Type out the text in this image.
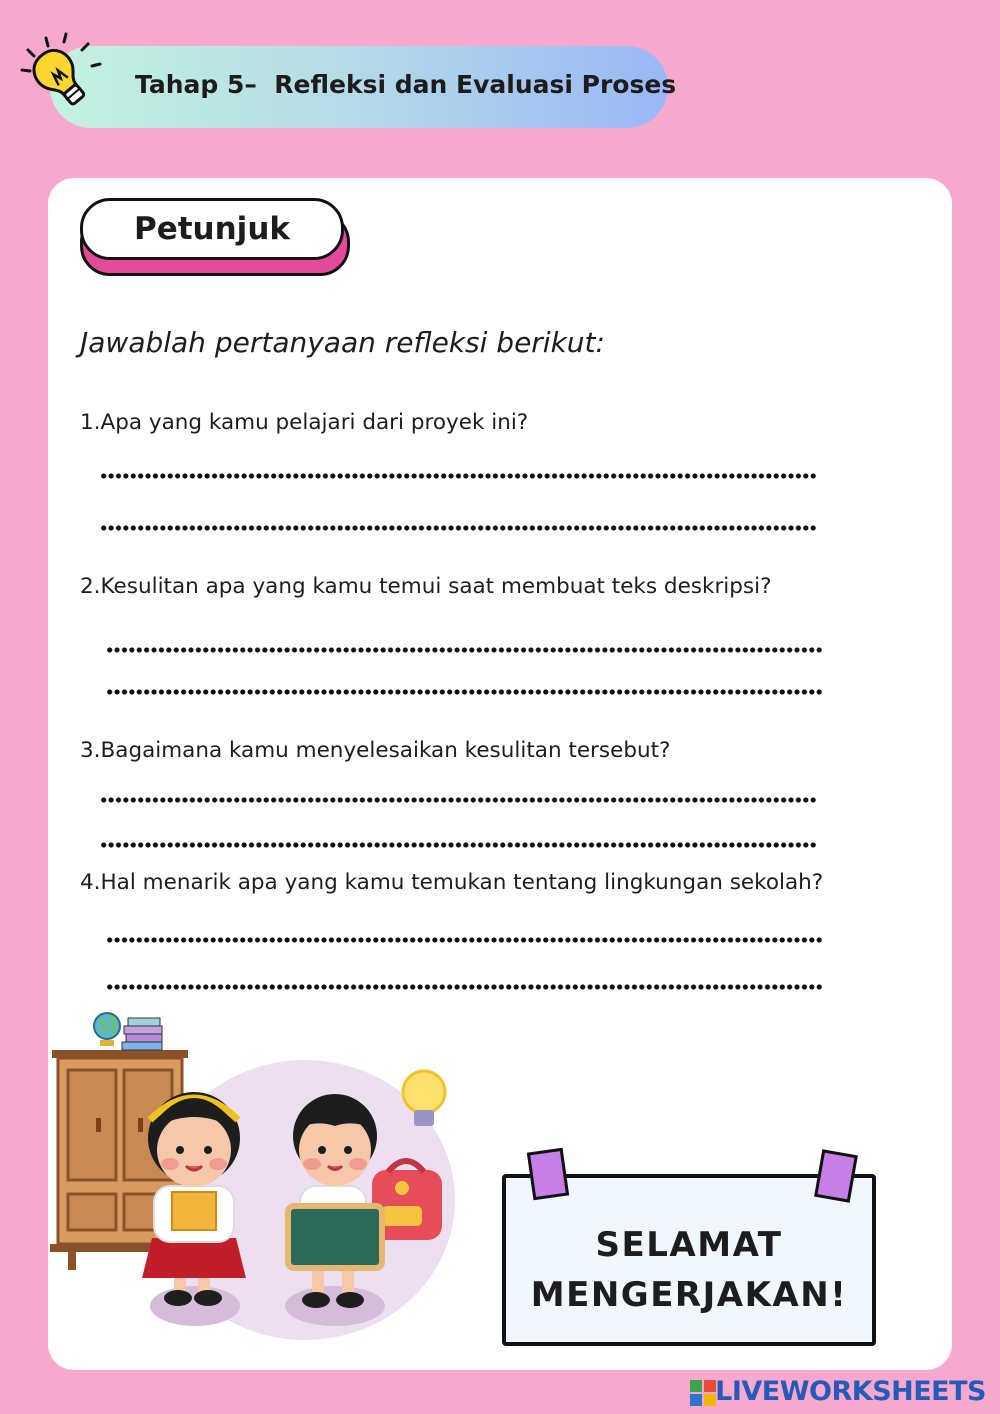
Tahap 5–  Refleksi dan Evaluasi Proses
Petunjuk
Jawablah pertanyaan refleksi berikut:
1.Apa yang kamu pelajari dari proyek ini?
2.Kesulitan apa yang kamu temui saat membuat teks deskripsi?
3.Bagaimana kamu menyelesaikan kesulitan tersebut?
4.Hal menarik apa yang kamu temukan tentang lingkungan sekolah?
SELAMAT
MENGERJAKAN!
LIVEWORKSHEETS
